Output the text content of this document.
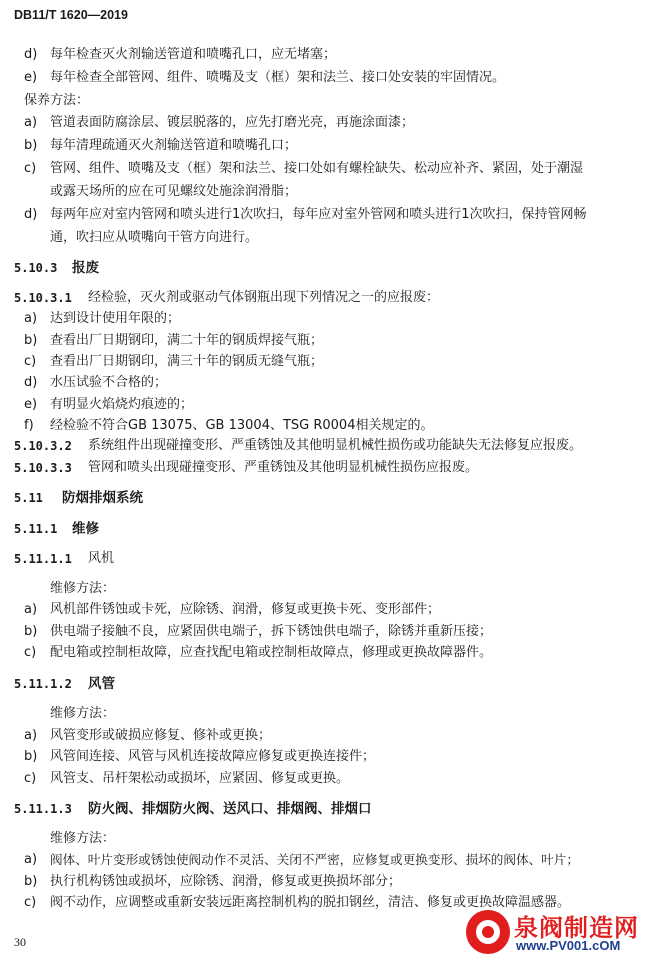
DB11/T 1620—2019
d) 每年检查灭火剂输送管道和喷嘴孔口，应无堵塞；
e) 每年检查全部管网、组件、喷嘴及支（框）架和法兰、接口处安装的牢固情况。
保养方法：
a) 管道表面防腐涂层、镀层脱落的，应先打磨光亮，再施涂面漆；
b) 每年清理疏通灭火剂输送管道和喷嘴孔口；
c) 管网、组件、喷嘴及支（框）架和法兰、接口处如有螺栓缺失、松动应补齐、紧固，处于潮湿
或露天场所的应在可见螺纹处施涂润滑脂；
d) 每两年应对室内管网和喷头进行1次吹扫，每年应对室外管网和喷头进行1次吹扫，保持管网畅
通，吹扫应从喷嘴向干管方向进行。
5.10.3 报废
5.10.3.1 经检验，灭火剂或驱动气体钢瓶出现下列情况之一的应报废：
a) 达到设计使用年限的；
b) 查看出厂日期钢印，满二十年的钢质焊接气瓶；
c) 查看出厂日期钢印，满三十年的钢质无缝气瓶；
d) 水压试验不合格的；
e) 有明显火焰烧灼痕迹的；
f) 经检验不符合GB 13075、GB 13004、TSG R0004相关规定的。
5.10.3.2 系统组件出现碰撞变形、严重锈蚀及其他明显机械性损伤或功能缺失无法修复应报废。
5.10.3.3 管网和喷头出现碰撞变形、严重锈蚀及其他明显机械性损伤应报废。
5.11 防烟排烟系统
5.11.1 维修
5.11.1.1 风机
维修方法：
a) 风机部件锈蚀或卡死，应除锈、润滑，修复或更换卡死、变形部件；
b) 供电端子接触不良，应紧固供电端子，拆下锈蚀供电端子，除锈并重新压接；
c) 配电箱或控制柜故障，应查找配电箱或控制柜故障点，修理或更换故障器件。
5.11.1.2 风管
维修方法：
a) 风管变形或破损应修复、修补或更换；
b) 风管间连接、风管与风机连接故障应修复或更换连接件；
c) 风管支、吊杆架松动或损坏，应紧固、修复或更换。
5.11.1.3 防火阀、排烟防火阀、送风口、排烟阀、排烟口
维修方法：
a) 阀体、叶片变形或锈蚀使阀动作不灵活、关闭不严密，应修复或更换变形、损坏的阀体、叶片；
b) 执行机构锈蚀或损坏，应除锈、润滑，修复或更换损坏部分；
c) 阀不动作，应调整或重新安装远距离控制机构的脱扣钢丝，清洁、修复或更换故障温感器。
30	泉阀制造网
www.PV001.cOM
